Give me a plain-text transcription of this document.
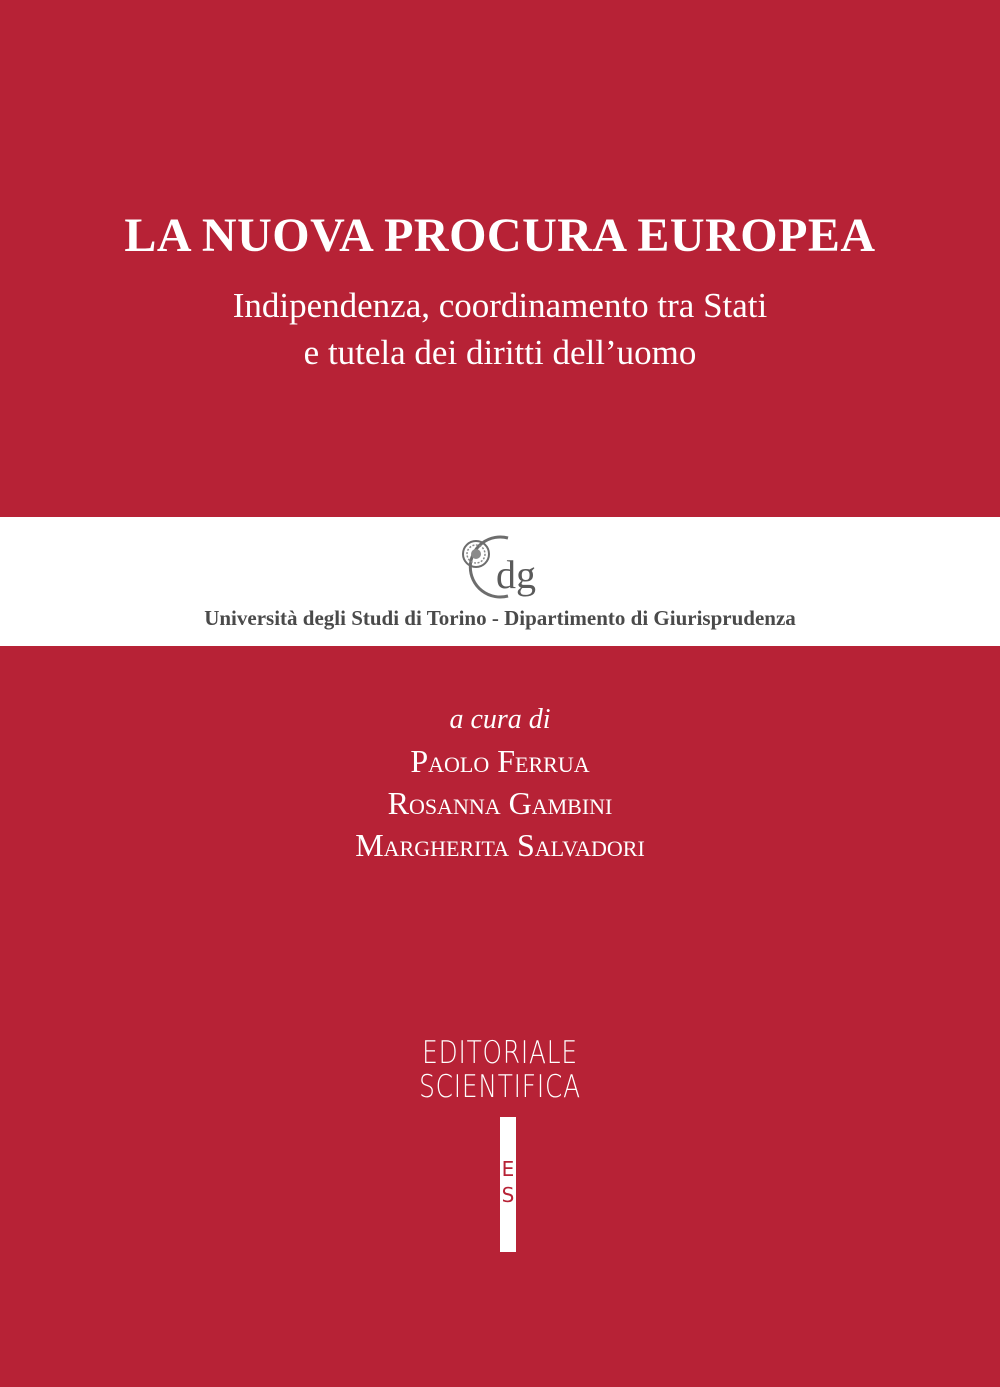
LA NUOVA PROCURA EUROPEA
Indipendenza, coordinamento tra Stati
e tutela dei diritti dell’uomo
dg
Università degli Studi di Torino - Dipartimento di Giurisprudenza
a cura di
Paolo Ferrua
Rosanna Gambini
Margherita Salvadori
EDITORIALE
SCIENTIFICA
E
S
